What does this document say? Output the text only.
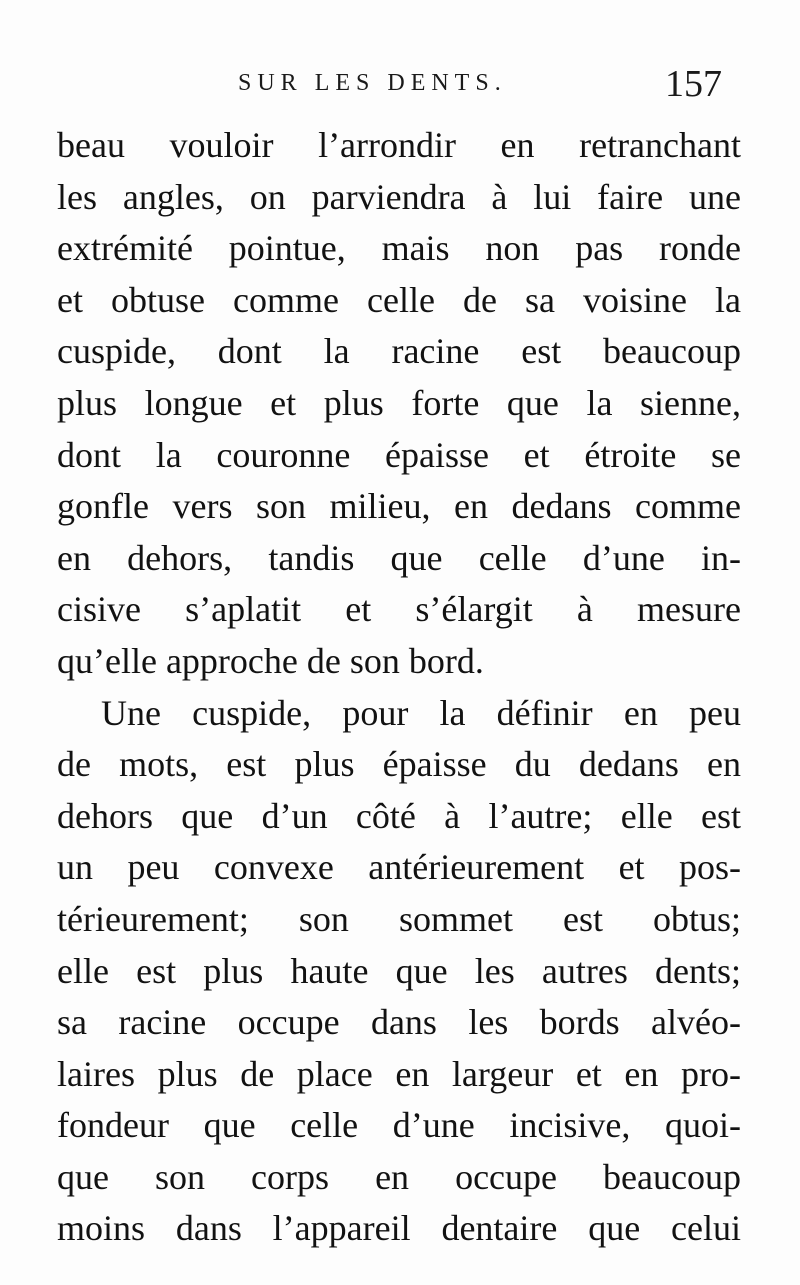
SUR LES DENTS.	157
beau vouloir l’arrondir en retranchant
les angles, on parviendra à lui faire une
extrémité pointue, mais non pas ronde
et obtuse comme celle de sa voisine la
cuspide, dont la racine est beaucoup
plus longue et plus forte que la sienne,
dont la couronne épaisse et étroite se
gonfle vers son milieu, en dedans comme
en dehors, tandis que celle d’une in-
cisive s’aplatit et s’élargit à mesure
qu’elle approche de son bord.
Une cuspide, pour la définir en peu
de mots, est plus épaisse du dedans en
dehors que d’un côté à l’autre; elle est
un peu convexe antérieurement et pos-
térieurement; son sommet est obtus;
elle est plus haute que les autres dents;
sa racine occupe dans les bords alvéo-
laires plus de place en largeur et en pro-
fondeur que celle d’une incisive, quoi-
que son corps en occupe beaucoup
moins dans l’appareil dentaire que celui
